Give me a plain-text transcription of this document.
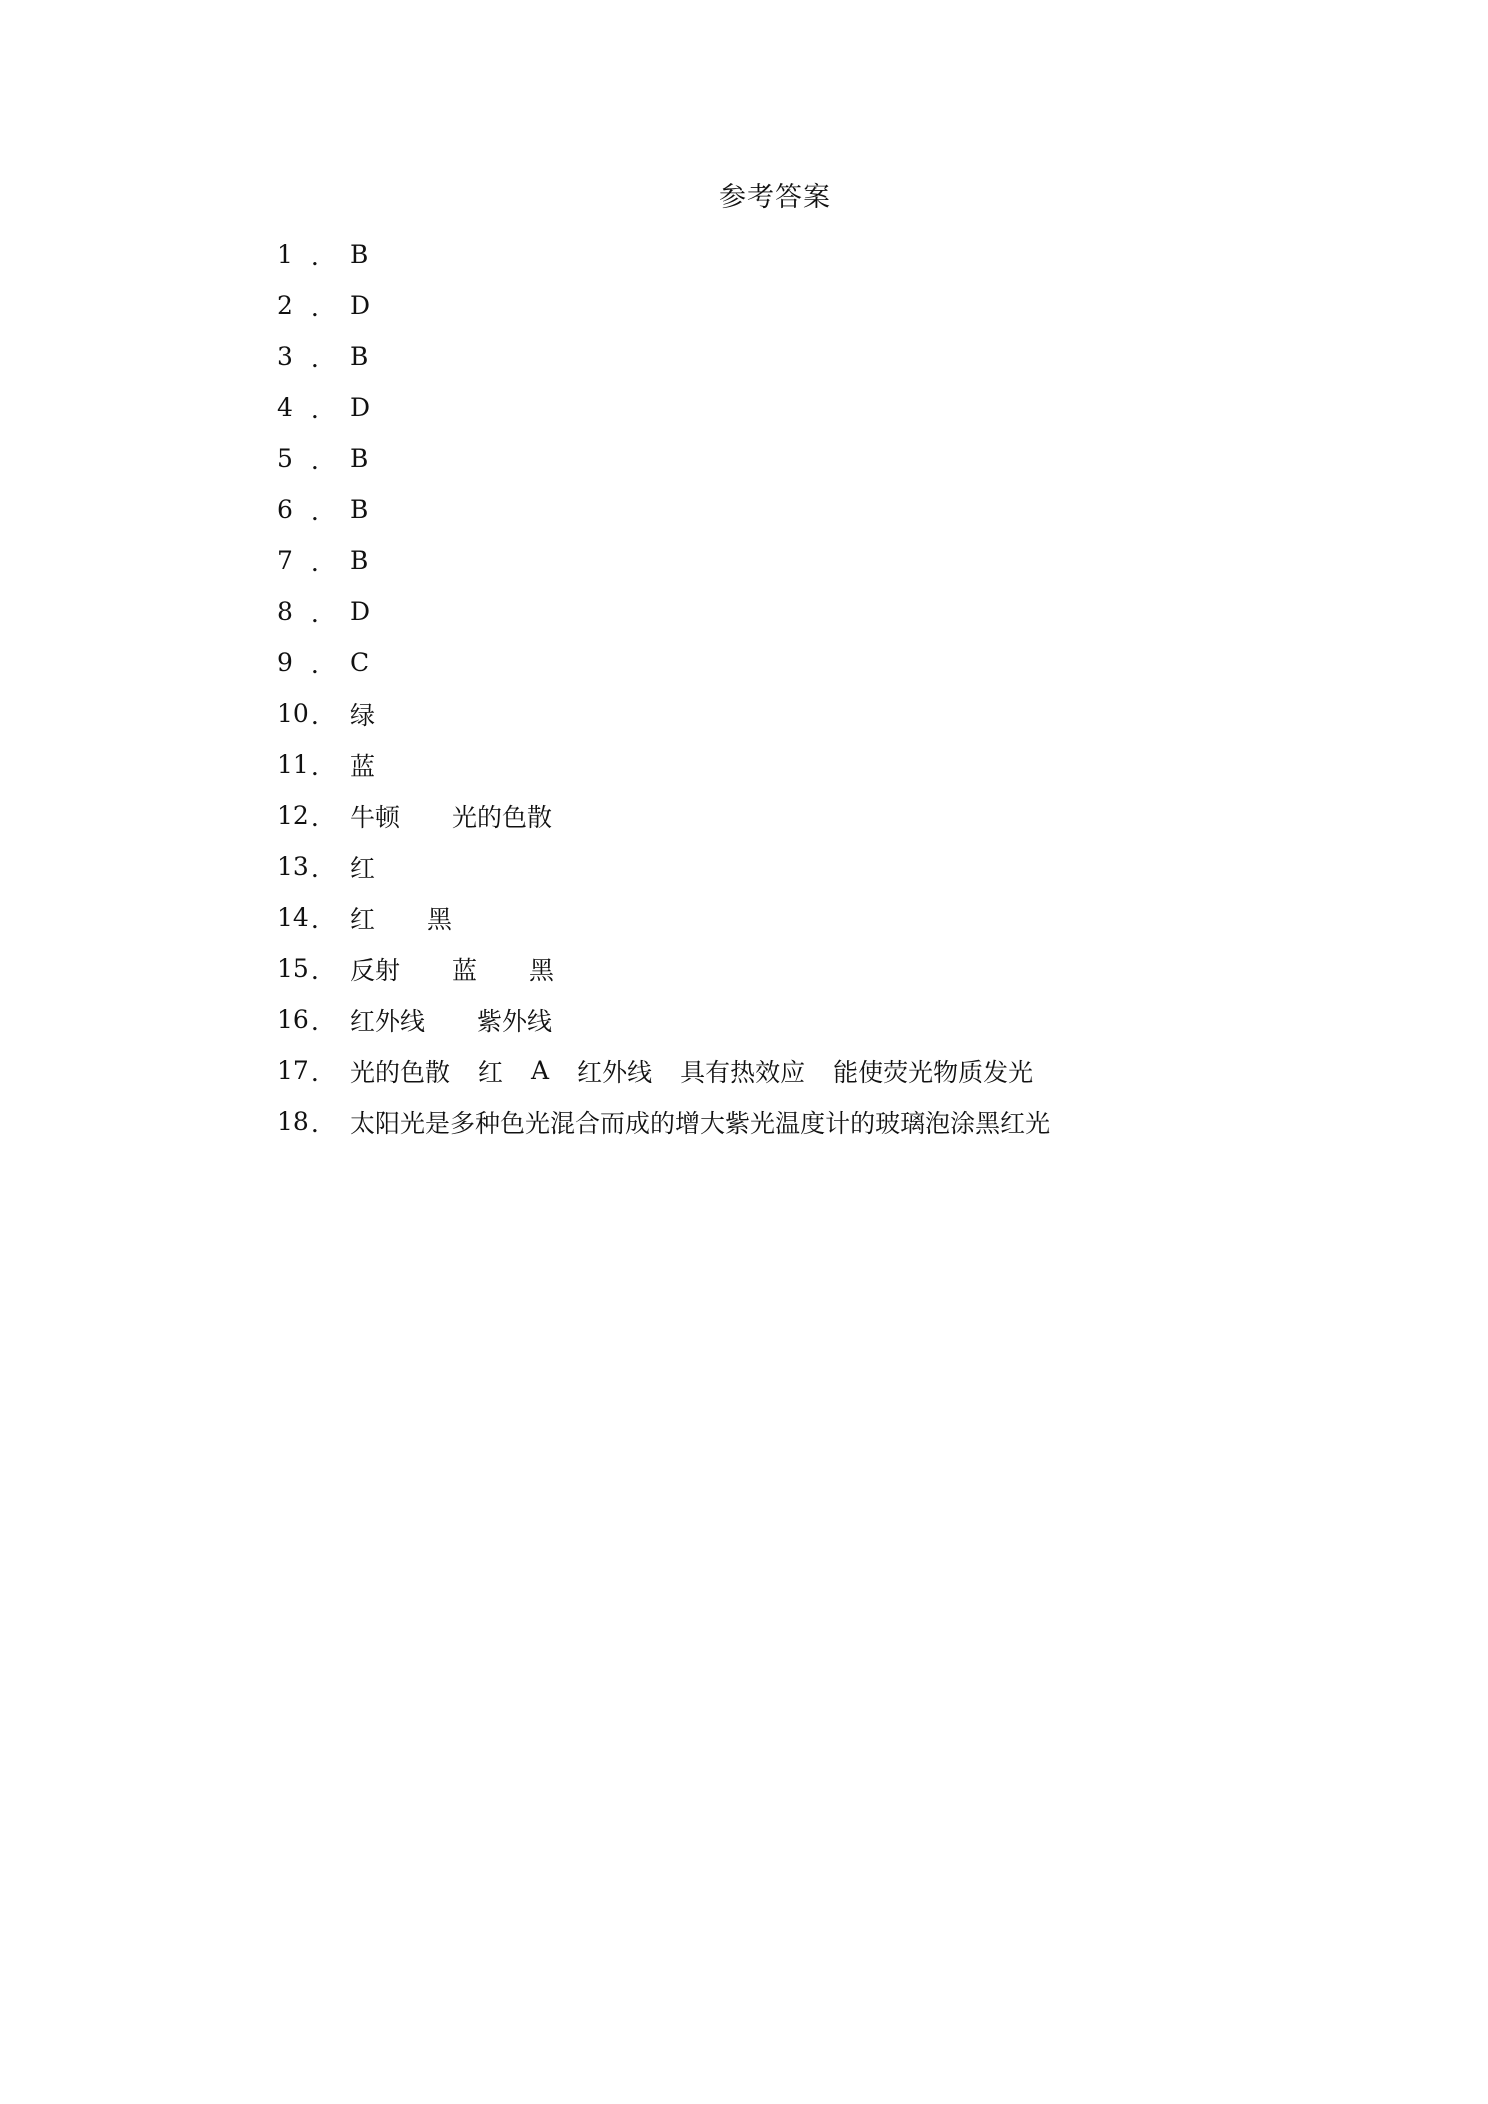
参考答案
1 ． B
2 ． D
3 ． B
4 ． D
5 ． B
6 ． B
7 ． B
8 ． D
9 ． C
10 ． 绿
11 ． 蓝
12 ． 牛顿 光的色散
13 ． 红
14 ． 红 黑
15 ． 反射 蓝 黑
16 ． 红外线 紫外线
17 ． 光的色散 红 A 红外线 具有热效应 能使荧光物质发光
18 ． 太阳光是多种色光混合而成的 增大 紫光 温度计的玻璃泡涂黑 红光
